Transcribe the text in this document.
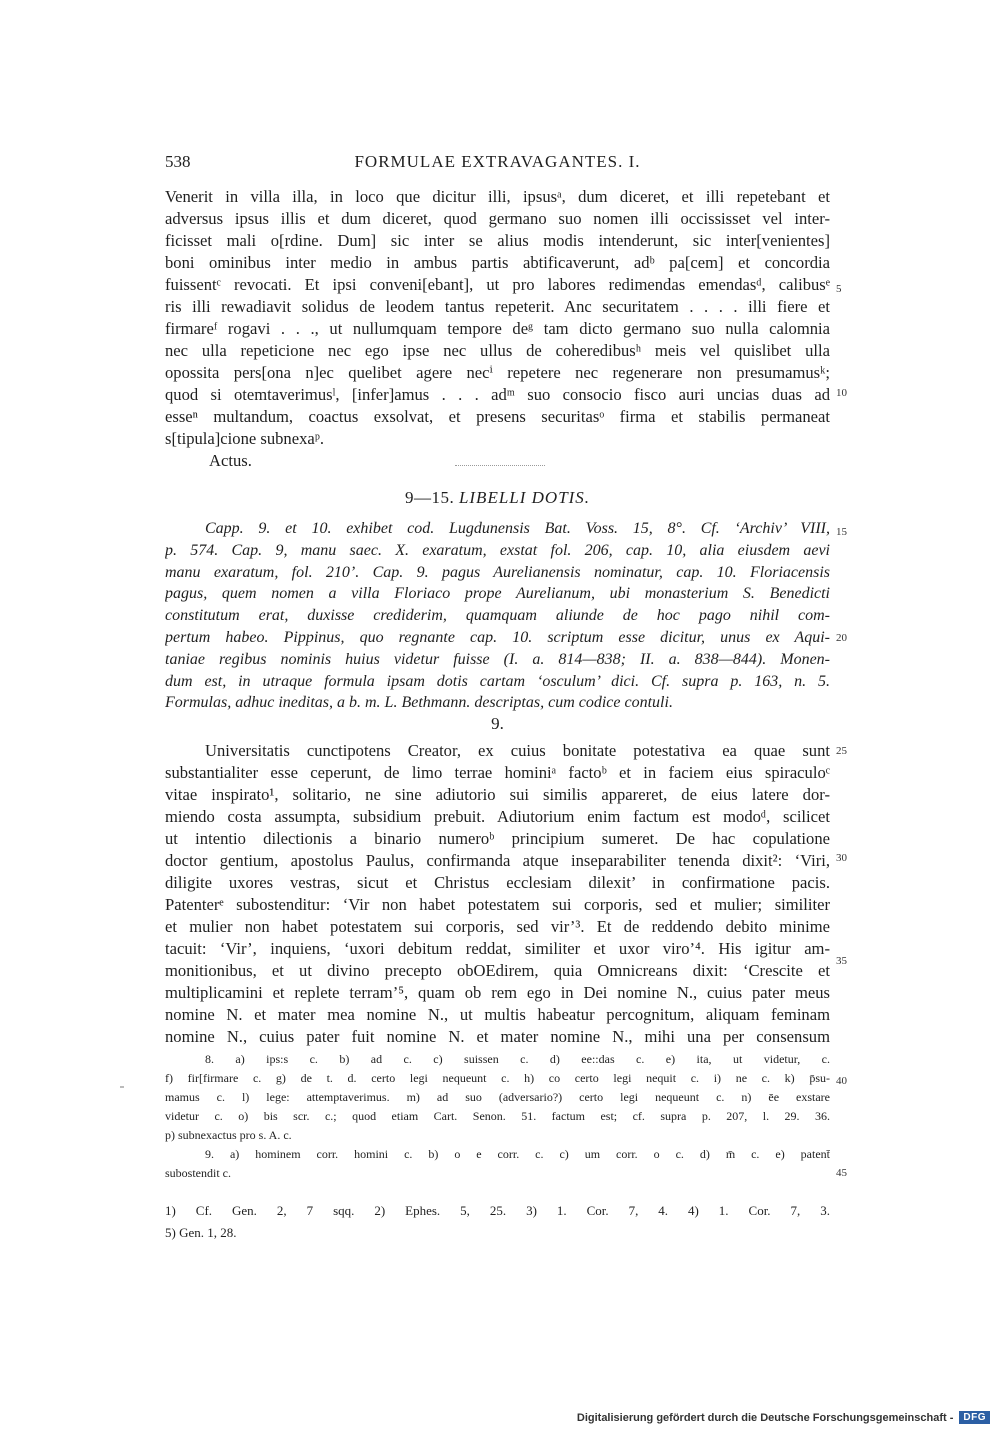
538	FORMULAE EXTRAVAGANTES. I.
Venerit in villa illa, in loco que dicitur illi, ipsusᵃ, dum diceret, et illi repetebant et
adversus ipsus illis et dum diceret, quod germano suo nomen illi occississet vel inter-
ficisset mali o[rdine. Dum] sic inter se alius modis intenderunt, sic inter[venientes]
boni ominibus inter medio in ambus partis abtificaverunt, adᵇ pa[cem] et concordia
fuissentᶜ revocati. Et ipsi conveni[ebant], ut pro labores redimendas emendasᵈ, calibusᵉ
ris illi rewadiavit solidus de leodem tantus repeterit. Anc securitatem . . . . illi fiere et
firmareᶠ rogavi . . ., ut nullumquam tempore deᵍ tam dicto germano suo nulla calomnia
nec ulla repeticione nec ego ipse nec ullus de coheredibusʰ meis vel quislibet ulla
opossita pers[ona n]ec quelibet agere necⁱ repetere nec regenerare non presumamusᵏ;
quod si otemtaverimusˡ, [infer]amus . . . adᵐ suo consocio fisco auri uncias duas ad
esseⁿ multandum, coactus exsolvat, et presens securitasᵒ firma et stabilis permaneat
s[tipula]cione subnexaᵖ.
Actus.
5
10
9—15. LIBELLI DOTIS.
Capp. 9. et 10. exhibet cod. Lugdunensis Bat. Voss. 15, 8°. Cf. ‘Archiv’ VIII,
p. 574. Cap. 9, manu saec. X. exaratum, exstat fol. 206, cap. 10, alia eiusdem aevi
manu exaratum, fol. 210’. Cap. 9. pagus Aurelianensis nominatur, cap. 10. Floriacensis
pagus, quem nomen a villa Floriaco prope Aurelianum, ubi monasterium S. Benedicti
constitutum erat, duxisse crediderim, quamquam aliunde de hoc pago nihil com-
pertum habeo. Pippinus, quo regnante cap. 10. scriptum esse dicitur, unus ex Aqui-
taniae regibus nominis huius videtur fuisse (I. a. 814—838; II. a. 838—844). Monen-
dum est, in utraque formula ipsam dotis cartam ‘osculum’ dici. Cf. supra p. 163, n. 5.
Formulas, adhuc ineditas, a b. m. L. Bethmann. descriptas, cum codice contuli.
15
20
9.
Universitatis cunctipotens Creator, ex cuius bonitate potestativa ea quae sunt
substantialiter esse ceperunt, de limo terrae hominiᵃ factoᵇ et in faciem eius spiraculoᶜ
vitae inspirato¹, solitario, ne sine adiutorio sui similis appareret, de eius latere dor-
miendo costa assumpta, subsidium prebuit. Adiutorium enim factum est modoᵈ, scilicet
ut intentio dilectionis a binario numeroᵇ principium sumeret. De hac copulatione
doctor gentium, apostolus Paulus, confirmanda atque inseparabiliter tenenda dixit²: ‘Viri,
diligite uxores vestras, sicut et Christus ecclesiam dilexit’ in confirmatione pacis.
Patenterᵉ subostenditur: ‘Vir non habet potestatem sui corporis, sed et mulier; similiter
et mulier non habet potestatem sui corporis, sed vir’³. Et de reddendo debito minime
tacuit: ‘Vir’, inquiens, ‘uxori debitum reddat, similiter et uxor viro’⁴. His igitur am-
monitionibus, et ut divino precepto obOEdirem, quia Omnicreans dixit: ‘Crescite et
multiplicamini et replete terram’⁵, quam ob rem ego in Dei nomine N., cuius pater meus
nomine N. et mater mea nomine N., ut multis habeatur percognitum, aliquam feminam
nomine N., cuius pater fuit nomine N. et mater nomine N., mihi una per consensum
25
30
35
8. a) ips:s c. b) ad c. c) suissen c. d) ee::das c. e) ita, ut videtur, c.
f) fir[firmare c. g) de t. d. certo legi nequeunt c. h) co certo legi nequit c. i) ne c. k) p̄su-
mamus c. l) lege: attemptaverimus. m) ad suo (adversario?) certo legi nequeunt c. n) ēe exstare
videtur c. o) bis scr. c.; quod etiam Cart. Senon. 51. factum est; cf. supra p. 207, l. 29. 36.
p) subnexactus pro s. A. c.
9. a) hominem corr. homini c. b) o e corr. c. c) um corr. o c. d) m̄ c. e) patent̄
subostendit c.
40
45
1) Cf. Gen. 2, 7 sqq. 2) Ephes. 5, 25. 3) 1. Cor. 7, 4. 4) 1. Cor. 7, 3.
5) Gen. 1, 28.
Digitalisierung gefördert durch die Deutsche Forschungsgemeinschaft -	DFG
